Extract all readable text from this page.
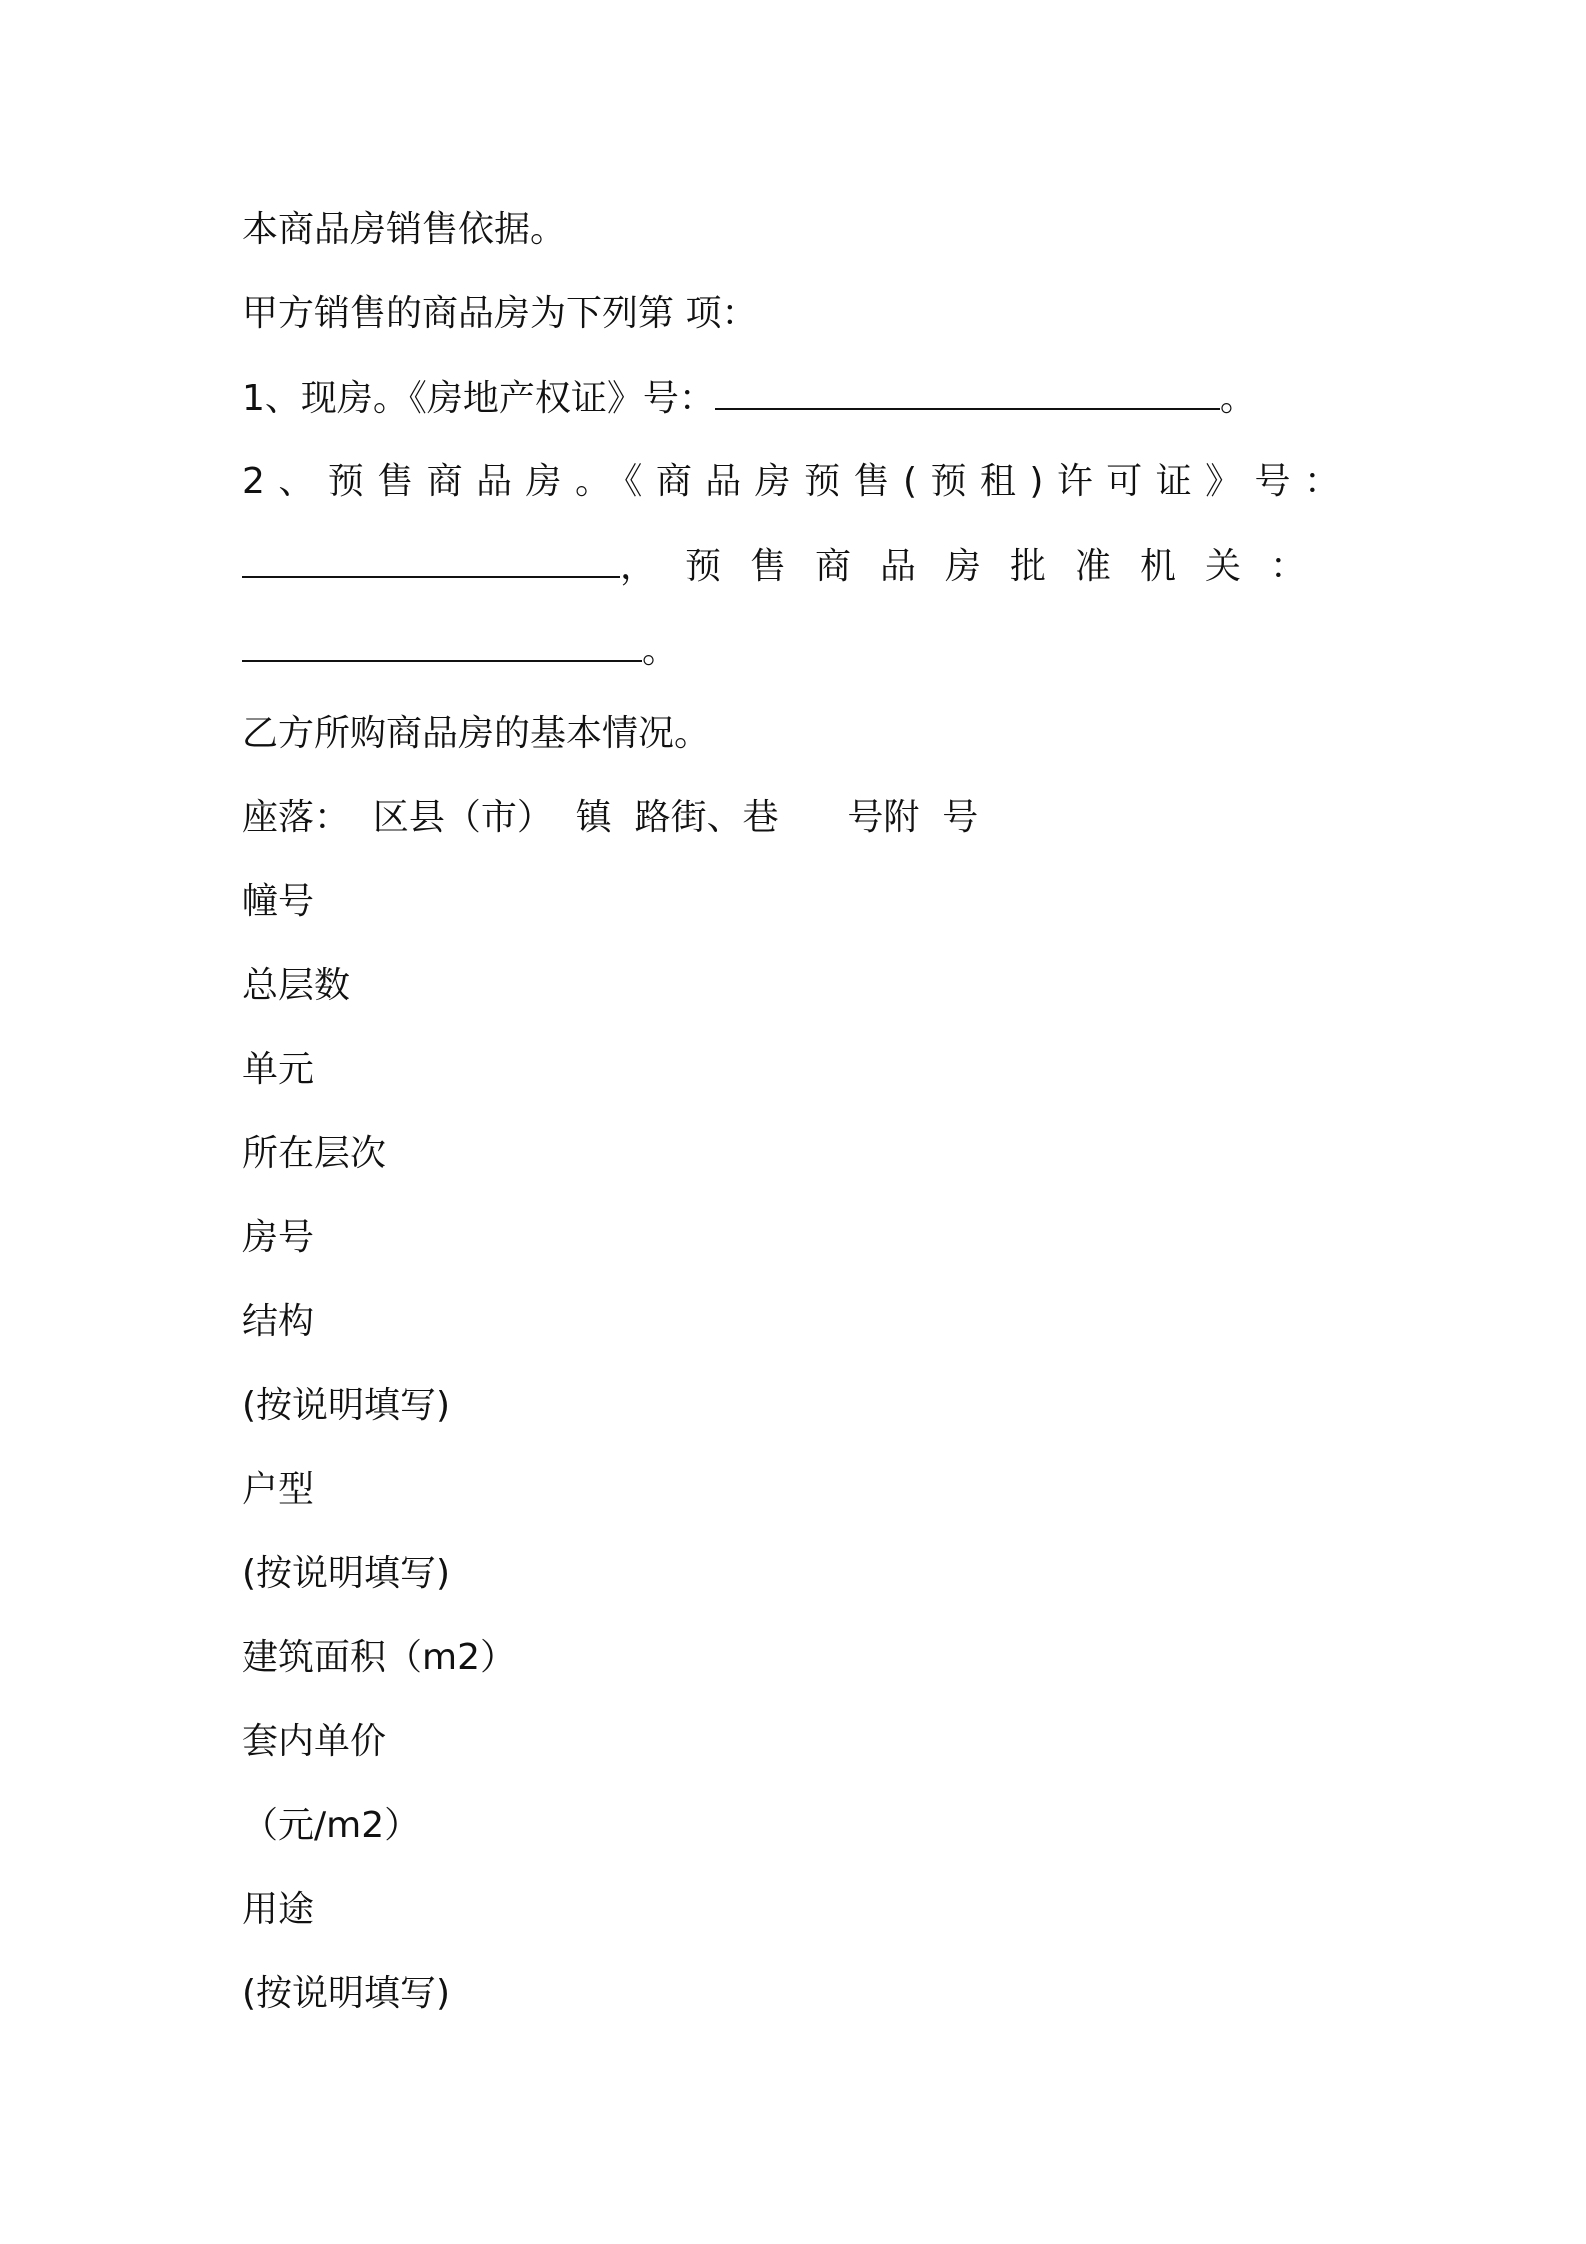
本商品房销售依据。
甲方销售的商品房为下列第 项：
1、现房。《房地产权证》号：	。
2、预售商品房。《商品房预售(预租)许可证》号：
，预售商品房批准机关：
。
乙方所购商品房的基本情况。
座落：  区县（市）  镇  路街、巷      号附  号
幢号
总层数
单元
所在层次
房号
结构
(按说明填写)
户型
(按说明填写)
建筑面积（m2）
套内单价
（元/m2）
用途
(按说明填写)
